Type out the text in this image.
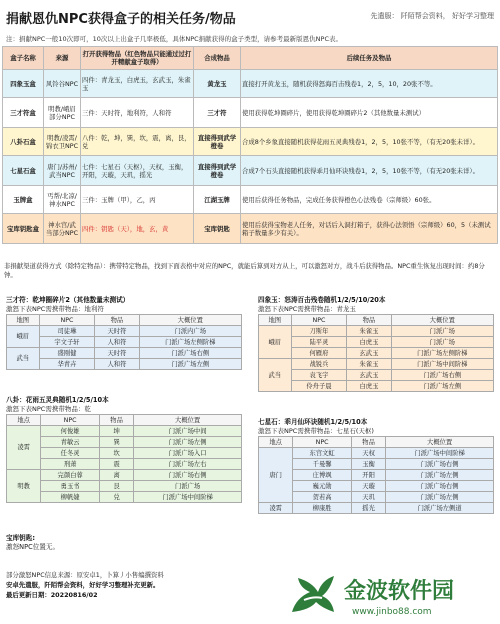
捐献恩仇NPC获得盒子的相关任务/物品	先遣服： 阡陌帮会资料， 好好学习整理
注：捐献NPC一般10次即可，10次以上出盒子几率极低，具体NPC捐献获得的盒子类型，请参考最新版恩仇NPC表。
盒子名称	来源	打开获得物品（红色物品只能通过过打开精献盒子取得）	合成物品	后续任务及物品
四象玉盒	风铃谷NPC	四件：青龙玉，白虎玉，玄武玉，朱雀玉	黄龙玉	直接打开黄龙玉，随机获得怒海百击残卷1，2，5，10，20张不等。
三才符盒	明教/峨眉部分NPC	三件：天时符，地利符，人和符	三才符	使用获得乾坤圈碎片，使用获得乾坤圈碎片2（其他数量未测试）
八卦石盒	明教/凌霄/锦衣卫NPC	八件：乾，坤，巽，坎，震，离，艮，兑	直接得到武学橙卷	合成8个乡象直接随机获得花雨五灵典残卷1，2，5，10张不等，（有无20张未详）。
七星石盒	唐门/苏州/武当NPC	七件：七星石（天枢），天权，玉衡，开阳，天璇，天玑，摇光	直接得到武学橙卷	合成7个石头直接随机获得乖月仙环诀残卷1，2，5，10张不等，（有无20张未详）。
玉牌盒	丐帮/北凉/神水NPC	三件：玉牌（甲），乙，丙	江湖玉牌	使用后获得任务物品，完成任务获得橙色心法残卷（宗师级）60张。
宝库钥匙盒	神水宫/武当部分NPC	四件：钥匙（天），地，玄，黄	宝库钥匙	使用后获得宝物老人任务，对话后入洞打箱子，获得心法领悟（宗师级）60，5（未测试箱子数量多少有关）。
非捐献渠道获得方式（除特定物品）：携带特定物品，找到下面表格中对应的NPC，就能后算到对方从上，可以激怒对方，战斗后获得物品。NPC重生恢复出现时间：约8分钟。
三才符：乾坤圈碎片2（其他数量未测试）
激怒下表NPC需携带物品：地利符
地图	NPC	物品	大概位置
峨眉	司徒琳	天时符	门派内广场
	宇文子轩	人和符	门派广场左侧阶梯
武当	盛刚健	天时符	门派广场右侧
	华青卉	人和符	门派广场左侧
四象玉：怒涛百击残卷随机1/2/5/10/20本
激怒下表NPC需携带物品：青龙玉
地图	NPC	物品	大概位置
峨眉	刀斯年	朱雀玉	门派广场
	陆平灵	白虎玉	门派广场
	何雁府	玄武玉	门派广场左侧阶梯
武当	战锐兵	朱雀玉	门派广场中间阶梯
	袁飞宇	玄武玉	门派广场右侧
	伶舟子晨	白虎玉	门派广场左侧
八卦：花雨五灵典随机1/2/5/10本
激怒下表NPC需携带物品：乾
地点	NPC	物品	大概位置
凌霄	何俊雄	坤	门派广场中间
	青敏云	巽	门派广场左侧
	任冬灵	坎	门派广场入口
	刑萧	震	门派广场左右
明教	完颜白蓉	离	门派广场右侧
	勇玉书	艮	门派广场
	柳帆婕	兑	门派广场中间阶梯
七星石：乖月仙环诀随机1/2/5/10本
激怒下表NPC需携带物品：七星石(天枢)
地点	NPC	物品	大概位置
唐门	东宫文虹	天权	门派广场中间阶梯
	千曼馨	玉衡	门派广场右侧
	庄博飒	开阳	门派广场左侧
	巍元勋	天璇	门派广场右侧
	贺若高	天玑	门派广场左侧
凌霄	柳康胜	摇光	门派广场左侧道
宝库钥匙:
激怒NPC位置无。
部分激怒NPC信息来源：原安卓1，卜算丿小售编撰资料
安卓先遣服，阡陌帮会资料，好好学习整理补充更新。
最后更新日期：20220816/02	金波软件园
www.jinbo88.com
